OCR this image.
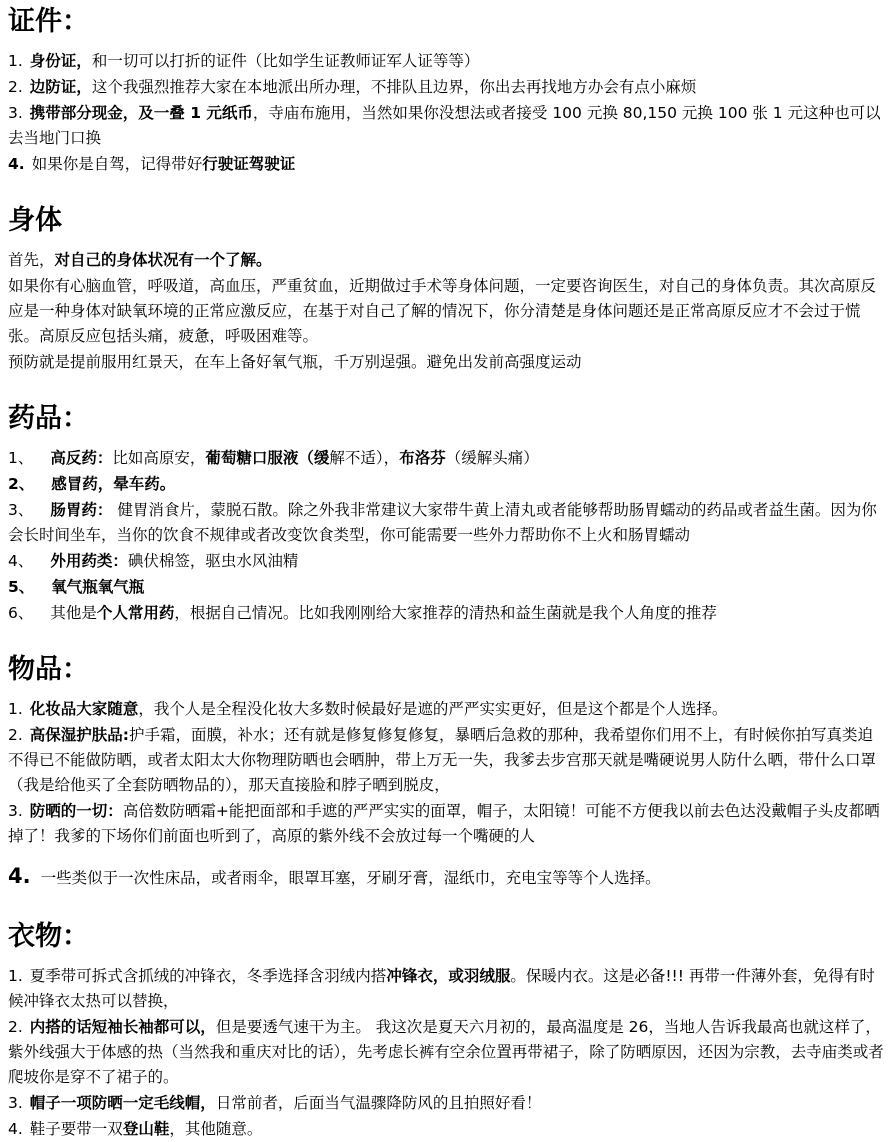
证件：

1. 身份证，和一切可以打折的证件（比如学生证教师证军人证等等）

2. 边防证，这个我强烈推荐大家在本地派出所办理，不排队且边界，你出去再找地方办会有点小麻烦

3. 携带部分现金，及一叠 1 元纸币，寺庙布施用，当然如果你没想法或者接受 100 元换 80,150 元换 100 张 1 元这种也可以去当地门口换

4. 如果你是自驾，记得带好行驶证驾驶证

身体

首先，对自己的身体状况有一个了解。

如果你有心脑血管，呼吸道，高血压，严重贫血，近期做过手术等身体问题，一定要咨询医生，对自己的身体负责。其次高原反应是一种身体对缺氧环境的正常应激反应，在基于对自己了解的情况下，你分清楚是身体问题还是正常高原反应才不会过于慌张。高原反应包括头痛，疲惫，呼吸困难等。

预防就是提前服用红景天，在车上备好氧气瓶，千万别逞强。避免出发前高强度运动

药品：

1、 高反药：比如高原安，葡萄糖口服液（缓解不适），布洛芬（缓解头痛）

2、 感冒药，晕车药。

3、 肠胃药： 健胃消食片，蒙脱石散。除之外我非常建议大家带牛黄上清丸或者能够帮助肠胃蠕动的药品或者益生菌。因为你会长时间坐车，当你的饮食不规律或者改变饮食类型，你可能需要一些外力帮助你不上火和肠胃蠕动

4、 外用药类：碘伏棉签，驱虫水风油精

5、 氧气瓶氧气瓶

6、 其他是个人常用药，根据自己情况。比如我刚刚给大家推荐的清热和益生菌就是我个人角度的推荐

物品：

1. 化妆品大家随意，我个人是全程没化妆大多数时候最好是遮的严严实实更好，但是这个都是个人选择。

2. 高保湿护肤品:护手霜，面膜，补水；还有就是修复修复修复，暴晒后急救的那种，我希望你们用不上，有时候你拍写真类迫不得已不能做防晒，或者太阳太大你物理防晒也会晒肿，带上万无一失，我爹去步宫那天就是嘴硬说男人防什么晒，带什么口罩（我是给他买了全套防晒物品的），那天直接脸和脖子晒到脱皮，

3. 防晒的一切：高倍数防晒霜+能把面部和手遮的严严实实的面罩，帽子，太阳镜！可能不方便我以前去色达没戴帽子头皮都晒掉了！我爹的下场你们前面也听到了，高原的紫外线不会放过每一个嘴硬的人

4. 一些类似于一次性床品，或者雨伞，眼罩耳塞，牙刷牙膏，湿纸巾，充电宝等等个人选择。

衣物：

1. 夏季带可拆式含抓绒的冲锋衣，冬季选择含羽绒内搭冲锋衣，或羽绒服。保暖内衣。这是必备!!! 再带一件薄外套，免得有时候冲锋衣太热可以替换，

2. 内搭的话短袖长袖都可以，但是要透气速干为主。 我这次是夏天六月初的，最高温度是 26，当地人告诉我最高也就这样了，紫外线强大于体感的热（当然我和重庆对比的话），先考虑长裤有空余位置再带裙子，除了防晒原因，还因为宗教，去寺庙类或者爬坡你是穿不了裙子的。

3. 帽子一项防晒一定毛线帽，日常前者，后面当气温骤降防风的且拍照好看！

4. 鞋子要带一双登山鞋，其他随意。
